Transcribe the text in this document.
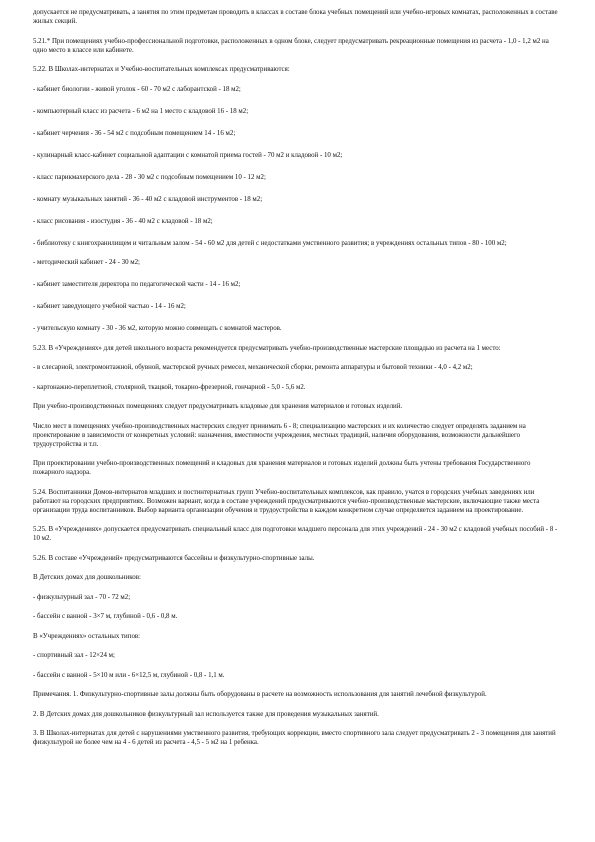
допускается не предусматривать, а занятия по этим предметам проводить в классах в составе блока учебных помещений или учебно-игровых комнатах, расположенных в составе жилых секций.

5.21.* При помещениях учебно-профессиональной подготовки, расположенных в одном блоке, следует предусматривать рекреационные помещения из расчета - 1,0 - 1,2 м2 на одно место в классе или кабинете.

5.22. В Школах-интернатах и Учебно-воспитательных комплексах предусматриваются:

- кабинет биологии - живой уголок - 60 - 70 м2 с лаборантской - 18 м2;

- компьютерный класс из расчета - 6 м2 на 1 место с кладовой 16 - 18 м2;

- кабинет черчения - 36 - 54 м2 с подсобным помещением 14 - 16 м2;

- кулинарный класс-кабинет социальной адаптации с комнатой приема гостей - 70 м2 и кладовой - 10 м2;

- класс парикмахерского дела - 28 - 30 м2 с подсобным помещением 10 - 12 м2;

- комнату музыкальных занятий - 36 - 40 м2 с кладовой инструментов - 18 м2;

- класс рисования - изостудия - 36 - 40 м2 с кладовой - 18 м2;

- библиотеку с книгохранилищем и читальным залом - 54 - 60 м2 для детей с недостатками умственного развития; в учреждениях остальных типов - 80 - 100 м2;

- методический кабинет - 24 - 30 м2;

- кабинет заместителя директора по педагогической части - 14 - 16 м2;

- кабинет заведующего учебной частью - 14 - 16 м2;

- учительскую комнату - 30 - 36 м2, которую можно совмещать с комнатой мастеров.

5.23. В «Учреждениях» для детей школьного возраста рекомендуется предусматривать учебно-производственные мастерские площадью из расчета на 1 место:

- в слесарной, электромонтажной, обувной, мастерской ручных ремесел, механической сборки, ремонта аппаратуры и бытовой техники - 4,0 - 4,2 м2;

- картонажно-переплетной, столярной, ткацкой, токарно-фрезерной, гончарной - 5,0 - 5,6 м2.

При учебно-производственных помещениях следует предусматривать кладовые для хранения материалов и готовых изделий.

Число мест в помещениях учебно-производственных мастерских следует принимать 6 - 8; специализацию мастерских и их количество следует определять заданием на проектирование в зависимости от конкретных условий: назначения, вместимости учреждения, местных традиций, наличия оборудования, возможности дальнейшего трудоустройства и т.п.

При проектировании учебно-производственных помещений и кладовых для хранения материалов и готовых изделий должны быть учтены требования Государственного пожарного надзора.

5.24. Воспитанники Домов-интернатов младших и постинтернатных групп Учебно-воспитательных комплексов, как правило, учатся в городских учебных заведениях или работают на городских предприятиях. Возможен вариант, когда в составе учреждений предусматриваются учебно-производственные мастерские, включающие также места организации труда воспитанников. Выбор варианта организации обучения и трудоустройства в каждом конкретном случае определяется заданием на проектирование.

5.25. В «Учреждениях» допускается предусматривать специальный класс для подготовки младшего персонала для этих учреждений - 24 - 30 м2 с кладовой учебных пособий - 8 - 10 м2.

5.26. В составе «Учреждений» предусматриваются бассейны и физкультурно-спортивные залы.

В Детских домах для дошкольников:

- физкультурный зал - 70 - 72 м2;

- бассейн с ванной - 3×7 м, глубиной - 0,6 - 0,8 м.

В «Учреждениях» остальных типов:

- спортивный зал - 12×24 м;

- бассейн с ванной - 5×10 м или - 6×12,5 м, глубиной - 0,8 - 1,1 м.

Примечания. 1. Физкультурно-спортивные залы должны быть оборудованы в расчете на возможность использования для занятий лечебной физкультурой.

2. В Детских домах для дошкольников физкультурный зал используется также для проведения музыкальных занятий.

3. В Школах-интернатах для детей с нарушениями умственного развития, требующих коррекции, вместо спортивного зала следует предусматривать 2 - 3 помещения для занятий физкультурой не более чем на 4 - 6 детей из расчета - 4,5 - 5 м2 на 1 ребенка.
